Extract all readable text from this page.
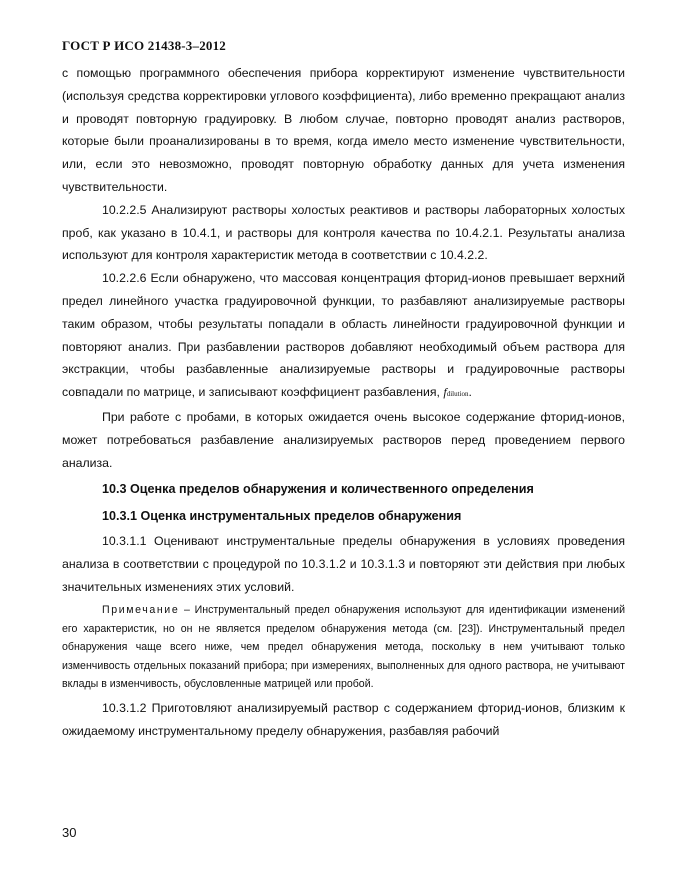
ГОСТ Р ИСО 21438-3–2012

с помощью программного обеспечения прибора корректируют изменение чувствительности (используя средства корректировки углового коэффициента), либо временно прекращают анализ и проводят повторную градуировку. В любом случае, повторно проводят анализ растворов, которые были проанализированы в то время, когда имело место изменение чувствительности, или, если это невозможно, проводят повторную обработку данных для учета изменения чувствительности.

10.2.2.5 Анализируют растворы холостых реактивов и растворы лабораторных холостых проб, как указано в 10.4.1, и растворы для контроля качества по 10.4.2.1. Результаты анализа используют для контроля характеристик метода в соответствии с 10.4.2.2.

10.2.2.6 Если обнаружено, что массовая концентрация фторид-ионов превышает верхний предел линейного участка градуировочной функции, то разбавляют анализируемые растворы таким образом, чтобы результаты попадали в область линейности градуировочной функции и повторяют анализ. При разбавлении растворов добавляют необходимый объем раствора для экстракции, чтобы разбавленные анализируемые растворы и градуировочные растворы совпадали по матрице, и записывают коэффициент разбавления, fdilution.

При работе с пробами, в которых ожидается очень высокое содержание фторид-ионов, может потребоваться разбавление анализируемых растворов перед проведением первого анализа.

10.3 Оценка пределов обнаружения и количественного определения
10.3.1 Оценка инструментальных пределов обнаружения

10.3.1.1 Оценивают инструментальные пределы обнаружения в условиях проведения анализа в соответствии с процедурой по 10.3.1.2 и 10.3.1.3 и повторяют эти действия при любых значительных изменениях этих условий.

Примечание – Инструментальный предел обнаружения используют для идентификации изменений его характеристик, но он не является пределом обнаружения метода (см. [23]). Инструментальный предел обнаружения чаще всего ниже, чем предел обнаружения метода, поскольку в нем учитывают только изменчивость отдельных показаний прибора; при измерениях, выполненных для одного раствора, не учитывают вклады в изменчивость, обусловленные матрицей или пробой.

10.3.1.2 Приготовляют анализируемый раствор с содержанием фторид-ионов, близким к ожидаемому инструментальному пределу обнаружения, разбавляя рабочий

30
